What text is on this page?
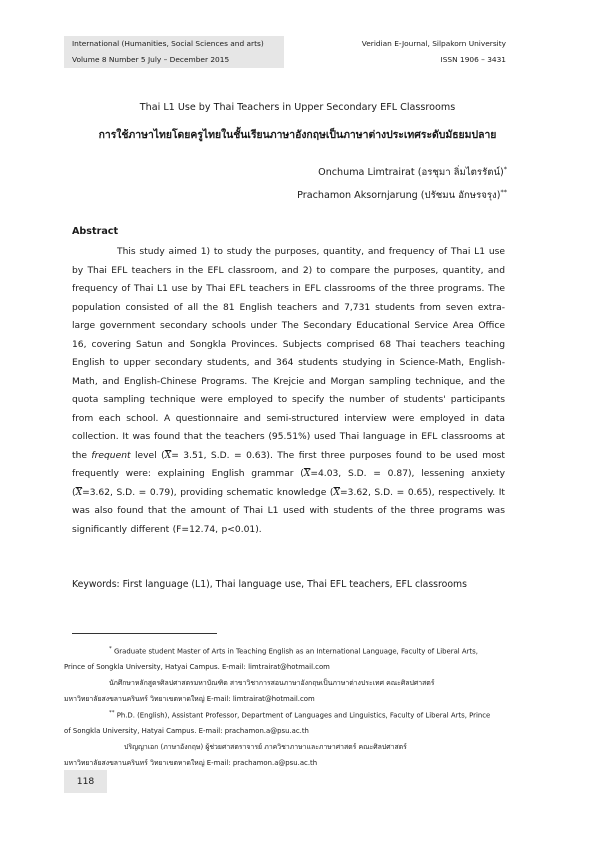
International (Humanities, Social Sciences and arts)
Volume 8 Number 5 July – December 2015
Veridian E-Journal, Silpakorn University
ISSN 1906 – 3431
Thai L1 Use by Thai Teachers in Upper Secondary EFL Classrooms
การใช้ภาษาไทยโดยครูไทยในชั้นเรียนภาษาอังกฤษเป็นภาษาต่างประเทศระดับมัธยมปลาย
Onchuma Limtrairat (อรชุมา ลิ่มไตรรัตน์)*
Prachamon Aksornjarung (ปรัชมน อักษรจรุง)**
Abstract

This study aimed 1) to study the purposes, quantity, and frequency of Thai L1 use by Thai EFL teachers in the EFL classroom, and 2) to compare the purposes, quantity, and frequency of Thai L1 use by Thai EFL teachers in EFL classrooms of the three programs. The population consisted of all the 81 English teachers and 7,731 students from seven extra-large government secondary schools under The Secondary Educational Service Area Office 16, covering Satun and Songkla Provinces. Subjects comprised 68 Thai teachers teaching English to upper secondary students, and 364 students studying in Science-Math, English-Math, and English-Chinese Programs. The Krejcie and Morgan sampling technique, and the quota sampling technique were employed to specify the number of students' participants from each school. A questionnaire and semi-structured interview were employed in data collection. It was found that the teachers (95.51%) used Thai language in EFL classrooms at the frequent level ($\overline{X}= 3.51$, S.D. = 0.63). The first three purposes found to be used most frequently were: explaining English grammar ($\overline{X}=4.03$, S.D. = 0.87), lessening anxiety ($\overline{X}=3.62$, S.D. = 0.79), providing schematic knowledge ($\overline{X}=3.62$, S.D. = 0.65), respectively. It was also found that the amount of Thai L1 used with students of the three programs was significantly different (F=12.74, p<0.01).

Keywords: First language (L1), Thai language use, Thai EFL teachers, EFL classrooms
* Graduate student Master of Arts in Teaching English as an International Language, Faculty of Liberal Arts,
Prince of Songkla University, Hatyai Campus. E-mail: limtrairat@hotmail.com
นักศึกษาหลักสูตรศิลปศาสตรมหาบัณฑิต สาขาวิชาการสอนภาษาอังกฤษเป็นภาษาต่างประเทศ คณะศิลปศาสตร์
มหาวิทยาลัยสงขลานครินทร์ วิทยาเขตหาดใหญ่ E-mail: limtrairat@hotmail.com
** Ph.D. (English), Assistant Professor, Department of Languages and Linguistics, Faculty of Liberal Arts, Prince
of Songkla University, Hatyai Campus. E-mail: prachamon.a@psu.ac.th
ปริญญาเอก (ภาษาอังกฤษ) ผู้ช่วยศาสตราจารย์ ภาควิชาภาษาและภาษาศาสตร์ คณะศิลปศาสตร์
มหาวิทยาลัยสงขลานครินทร์ วิทยาเขตหาดใหญ่ E-mail: prachamon.a@psu.ac.th
118
